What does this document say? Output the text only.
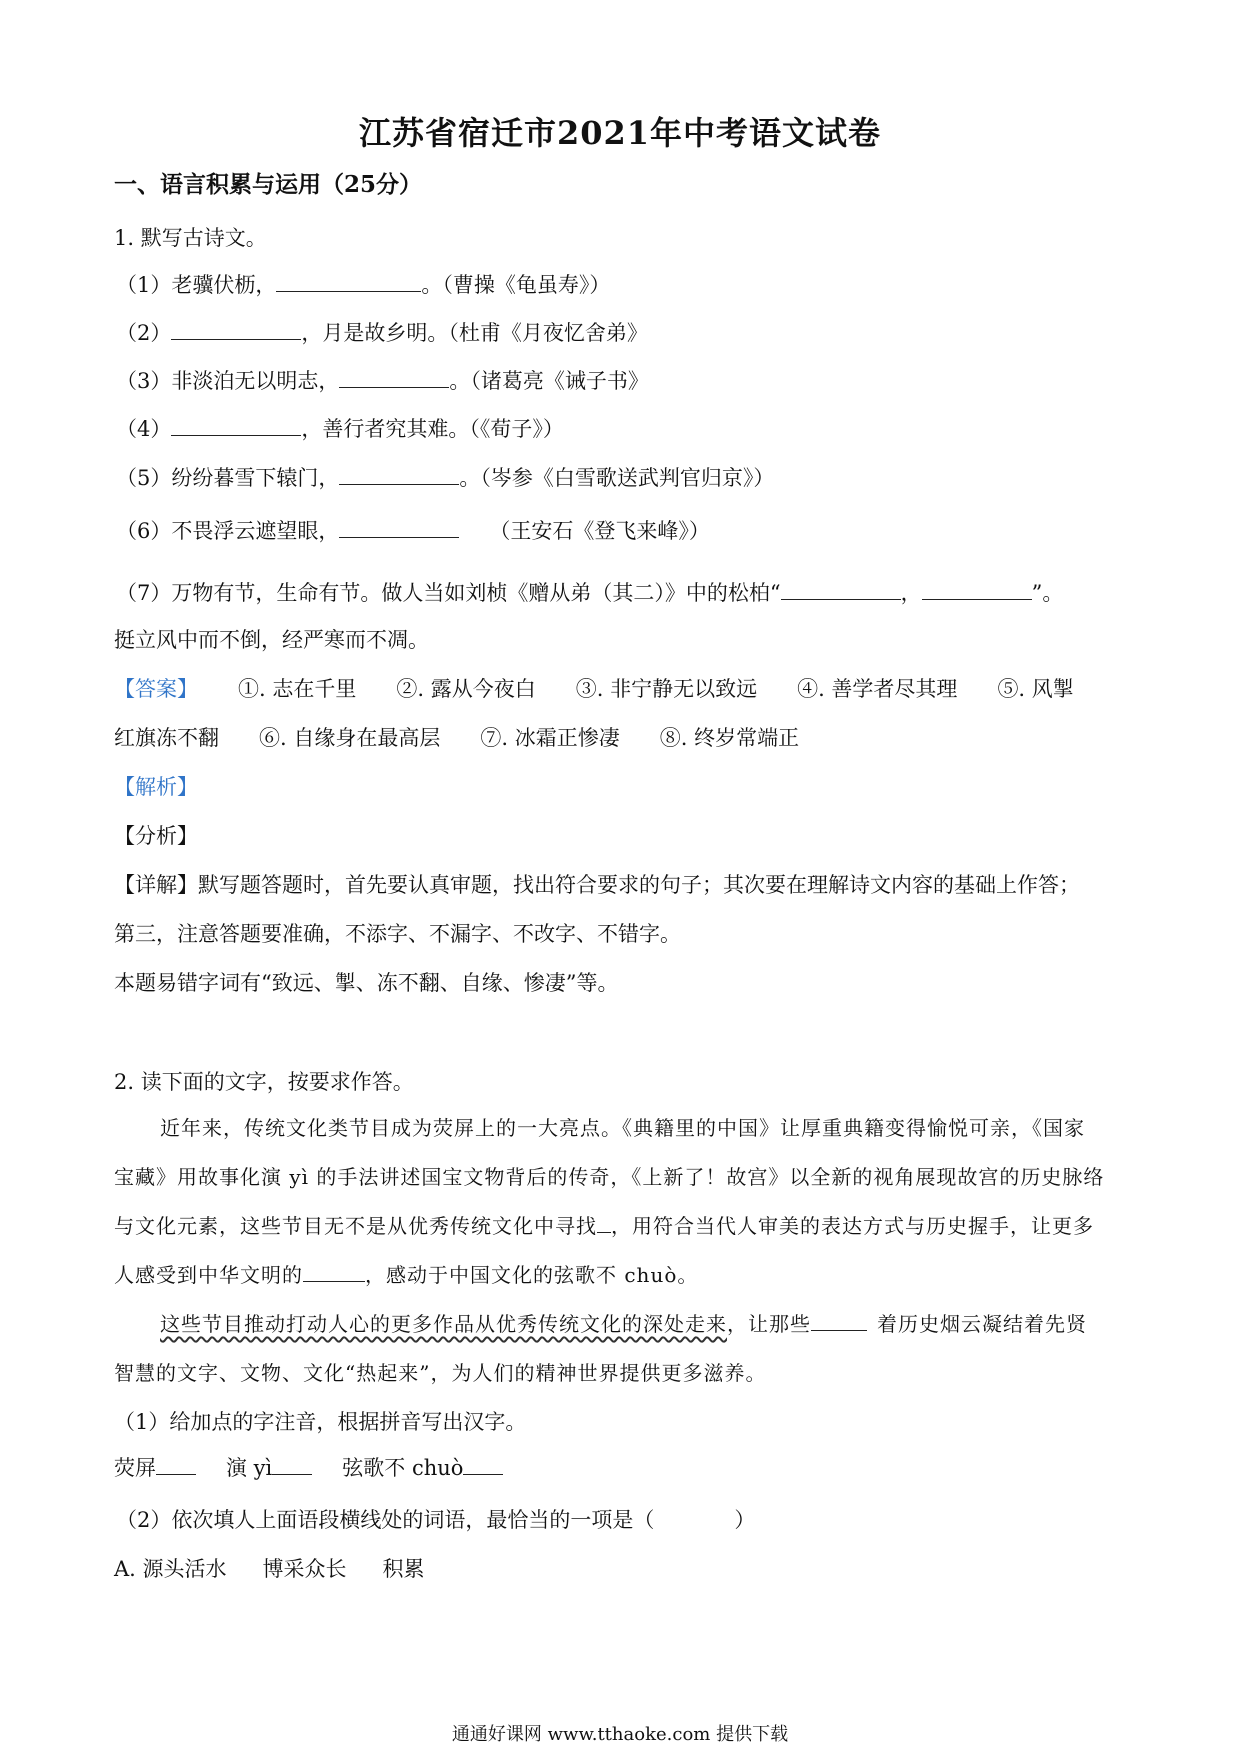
江苏省宿迁市2021年中考语文试卷
一、语言积累与运用（25分）
1. 默写古诗文。
（1）老骥伏枥，	。（曹操《龟虽寿》）
（2）	，月是故乡明。（杜甫《月夜忆舍弟》
（3）非淡泊无以明志，	。（诸葛亮《诫子书》
（4）	，善行者究其难。（《荀子》）
（5）纷纷暮雪下辕门，	。（岑参《白雪歌送武判官归京》）
（6）不畏浮云遮望眼，	（王安石《登飞来峰》）
（7）万物有节，生命有节。做人当如刘桢《赠从弟（其二）》中的松柏“	，	”。
挺立风中而不倒，经严寒而不凋。
【答案】 ①. 志在千里 ②. 露从今夜白 ③. 非宁静无以致远 ④. 善学者尽其理 ⑤. 风掣
红旗冻不翻 ⑥. 自缘身在最高层 ⑦. 冰霜正惨凄 ⑧. 终岁常端正
【解析】
【分析】
【详解】默写题答题时，首先要认真审题，找出符合要求的句子；其次要在理解诗文内容的基础上作答；
第三，注意答题要准确，不添字、不漏字、不改字、不错字。
本题易错字词有“致远、掣、冻不翻、自缘、惨凄”等。
2. 读下面的文字，按要求作答。
近年来，传统文化类节目成为荧屏上的一大亮点。《典籍里的中国》让厚重典籍变得愉悦可亲，《国家
宝藏》用故事化演 yì 的手法讲述国宝文物背后的传奇，《上新了！故宫》以全新的视角展现故宫的历史脉络
与文化元素，这些节目无不是从优秀传统文化中寻找 ，用符合当代人审美的表达方式与历史握手，让更多
人感受到中华文明的	，感动于中国文化的弦歌不 chuò。
这些节目推动打动人心的更多作品从优秀传统文化的深处走来，让那些	着历史烟云凝结着先贤
智慧的文字、文物、文化“热起来”，为人们的精神世界提供更多滋养。
（1）给加点的字注音，根据拼音写出汉字。
荧屏	演 yì	弦歌不 chuò
（2）依次填人上面语段横线处的词语，最恰当的一项是（	）
A. 源头活水 博采众长 积累
通通好课网 www.tthaoke.com 提供下载
